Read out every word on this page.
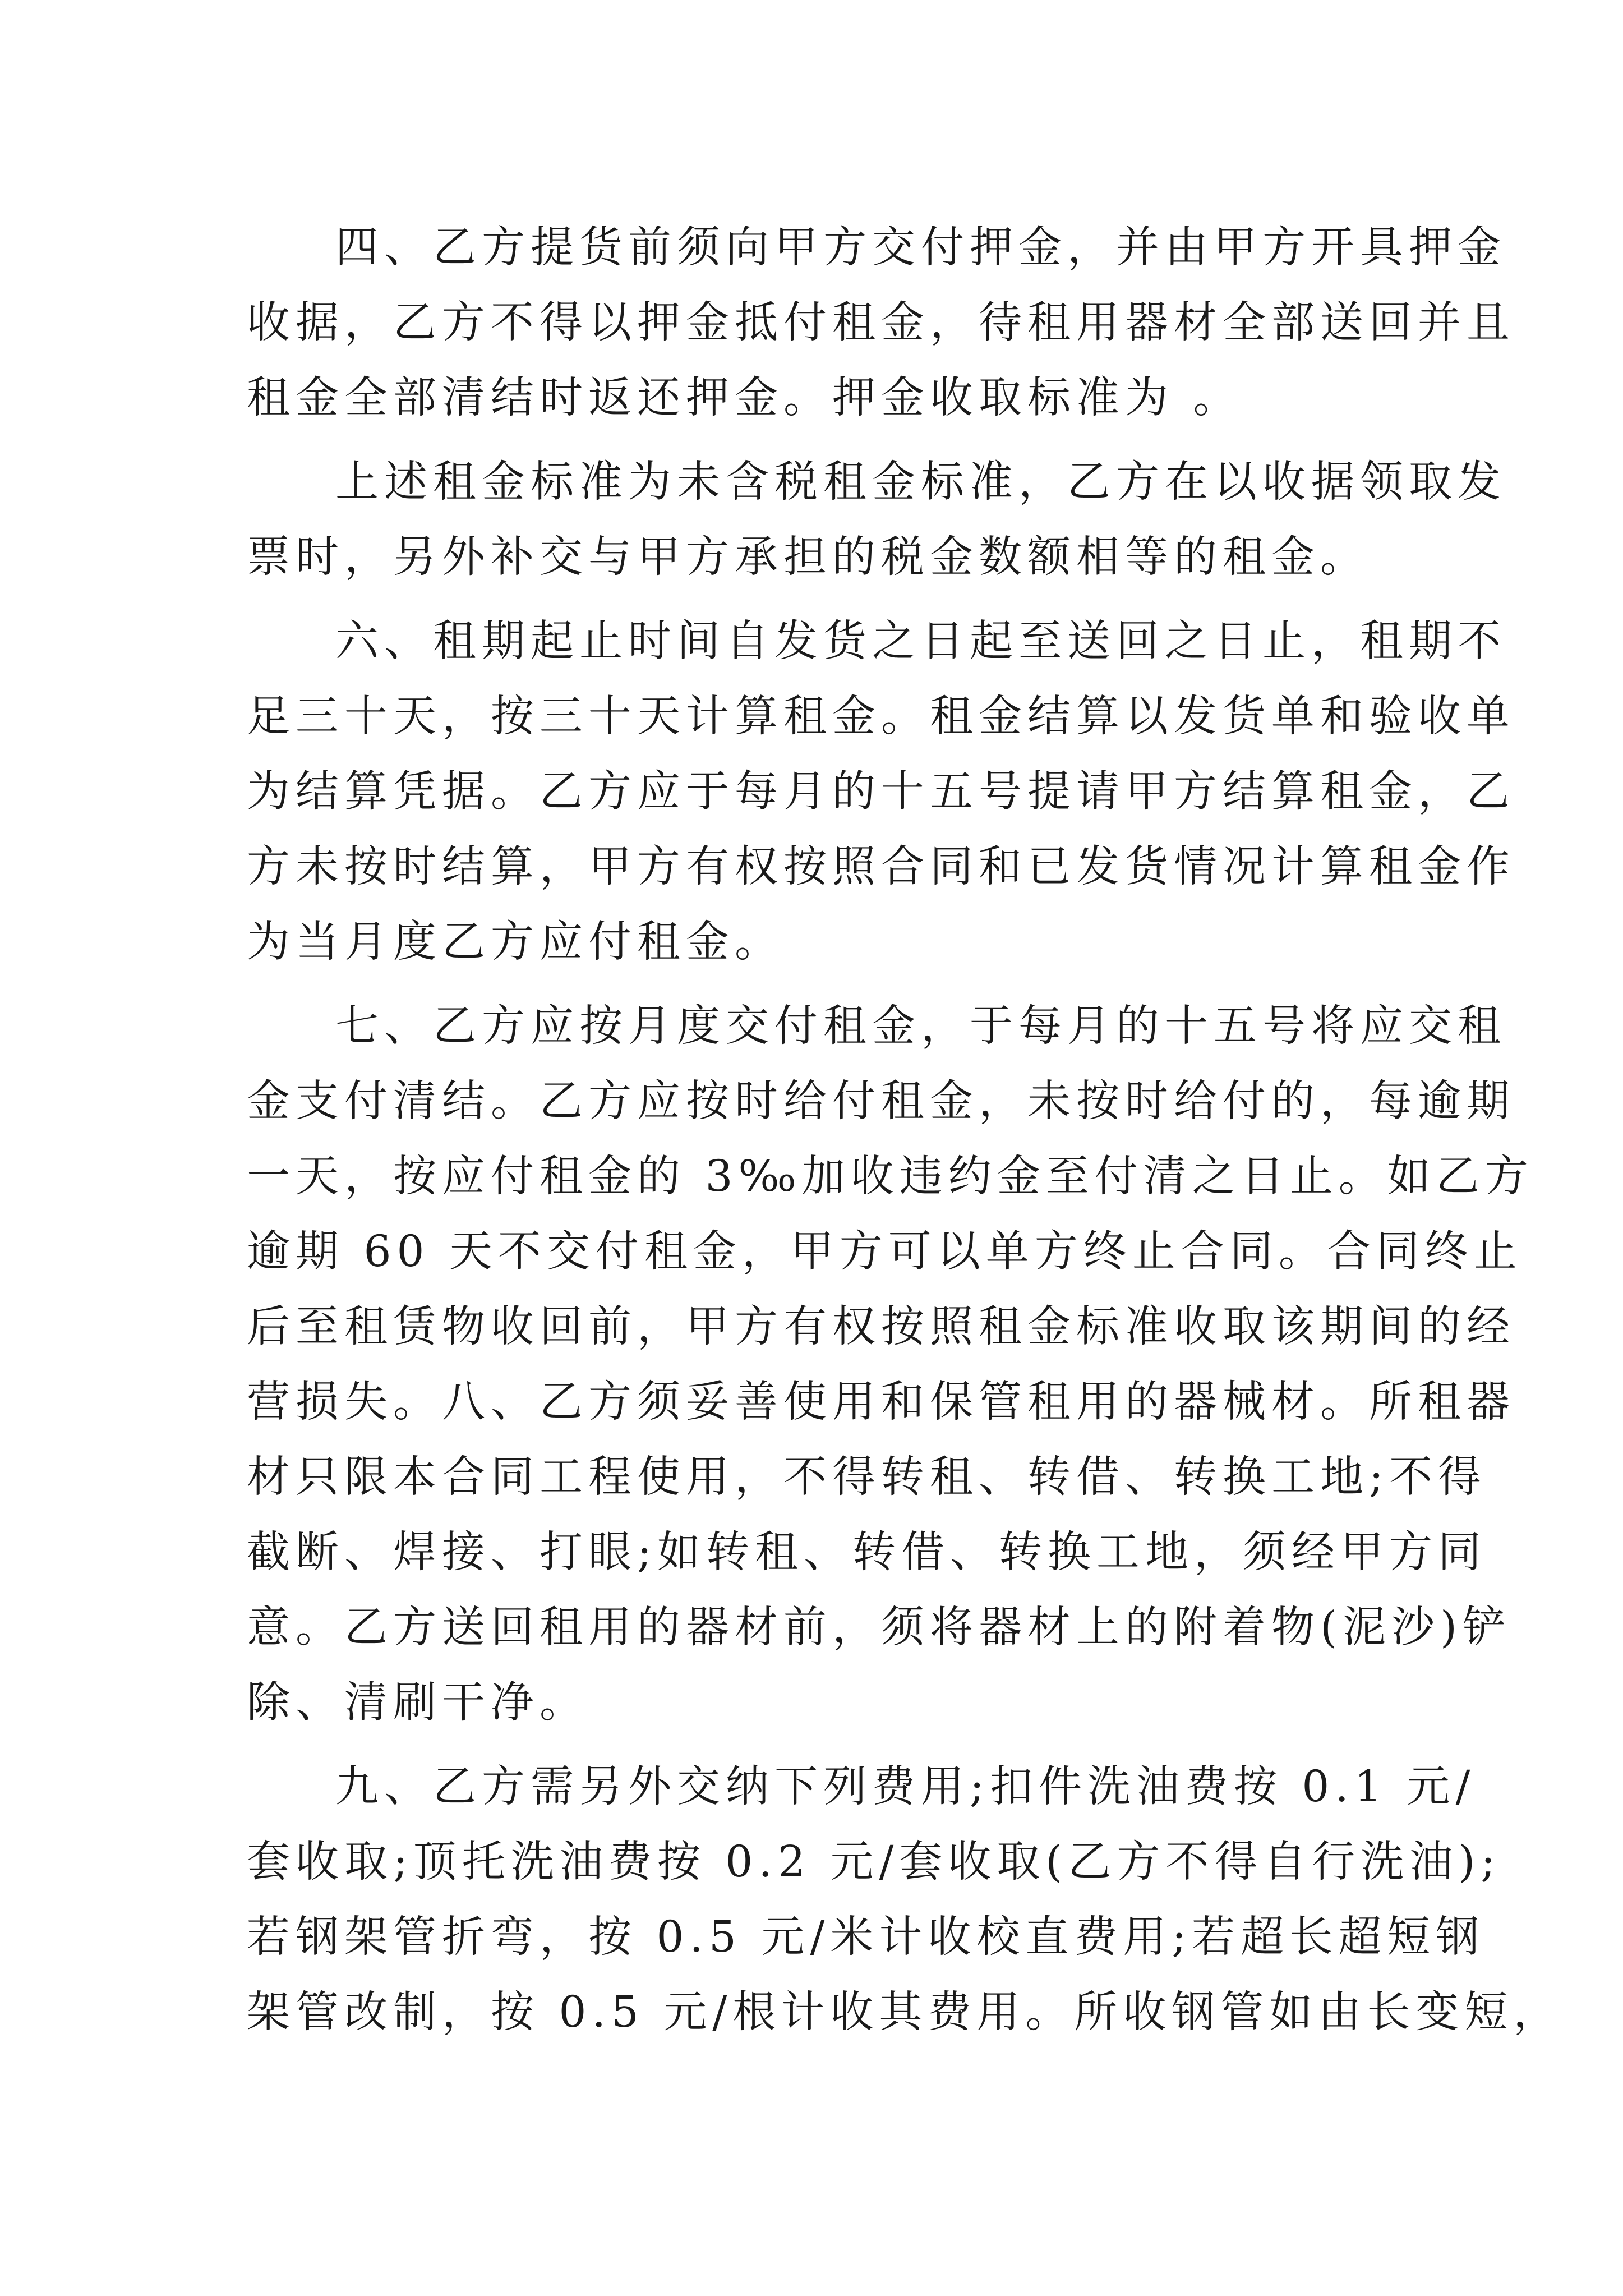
四、乙方提货前须向甲方交付押金，并由甲方开具押金
收据，乙方不得以押金抵付租金，待租用器材全部送回并且
租金全部清结时返还押金。押金收取标准为 。
上述租金标准为未含税租金标准，乙方在以收据领取发
票时，另外补交与甲方承担的税金数额相等的租金。
六、租期起止时间自发货之日起至送回之日止，租期不
足三十天，按三十天计算租金。租金结算以发货单和验收单
为结算凭据。乙方应于每月的十五号提请甲方结算租金，乙
方未按时结算，甲方有权按照合同和已发货情况计算租金作
为当月度乙方应付租金。
七、乙方应按月度交付租金，于每月的十五号将应交租
金支付清结。乙方应按时给付租金，未按时给付的，每逾期
一天，按应付租金的 3‰加收违约金至付清之日止。如乙方
逾期 60 天不交付租金，甲方可以单方终止合同。合同终止
后至租赁物收回前，甲方有权按照租金标准收取该期间的经
营损失。八、乙方须妥善使用和保管租用的器械材。所租器
材只限本合同工程使用，不得转租、转借、转换工地;不得
截断、焊接、打眼;如转租、转借、转换工地，须经甲方同
意。乙方送回租用的器材前，须将器材上的附着物(泥沙)铲
除、清刷干净。
九、乙方需另外交纳下列费用;扣件洗油费按 0.1 元/
套收取;顶托洗油费按 0.2 元/套收取(乙方不得自行洗油);
若钢架管折弯，按 0.5 元/米计收校直费用;若超长超短钢
架管改制，按 0.5 元/根计收其费用。所收钢管如由长变短，
